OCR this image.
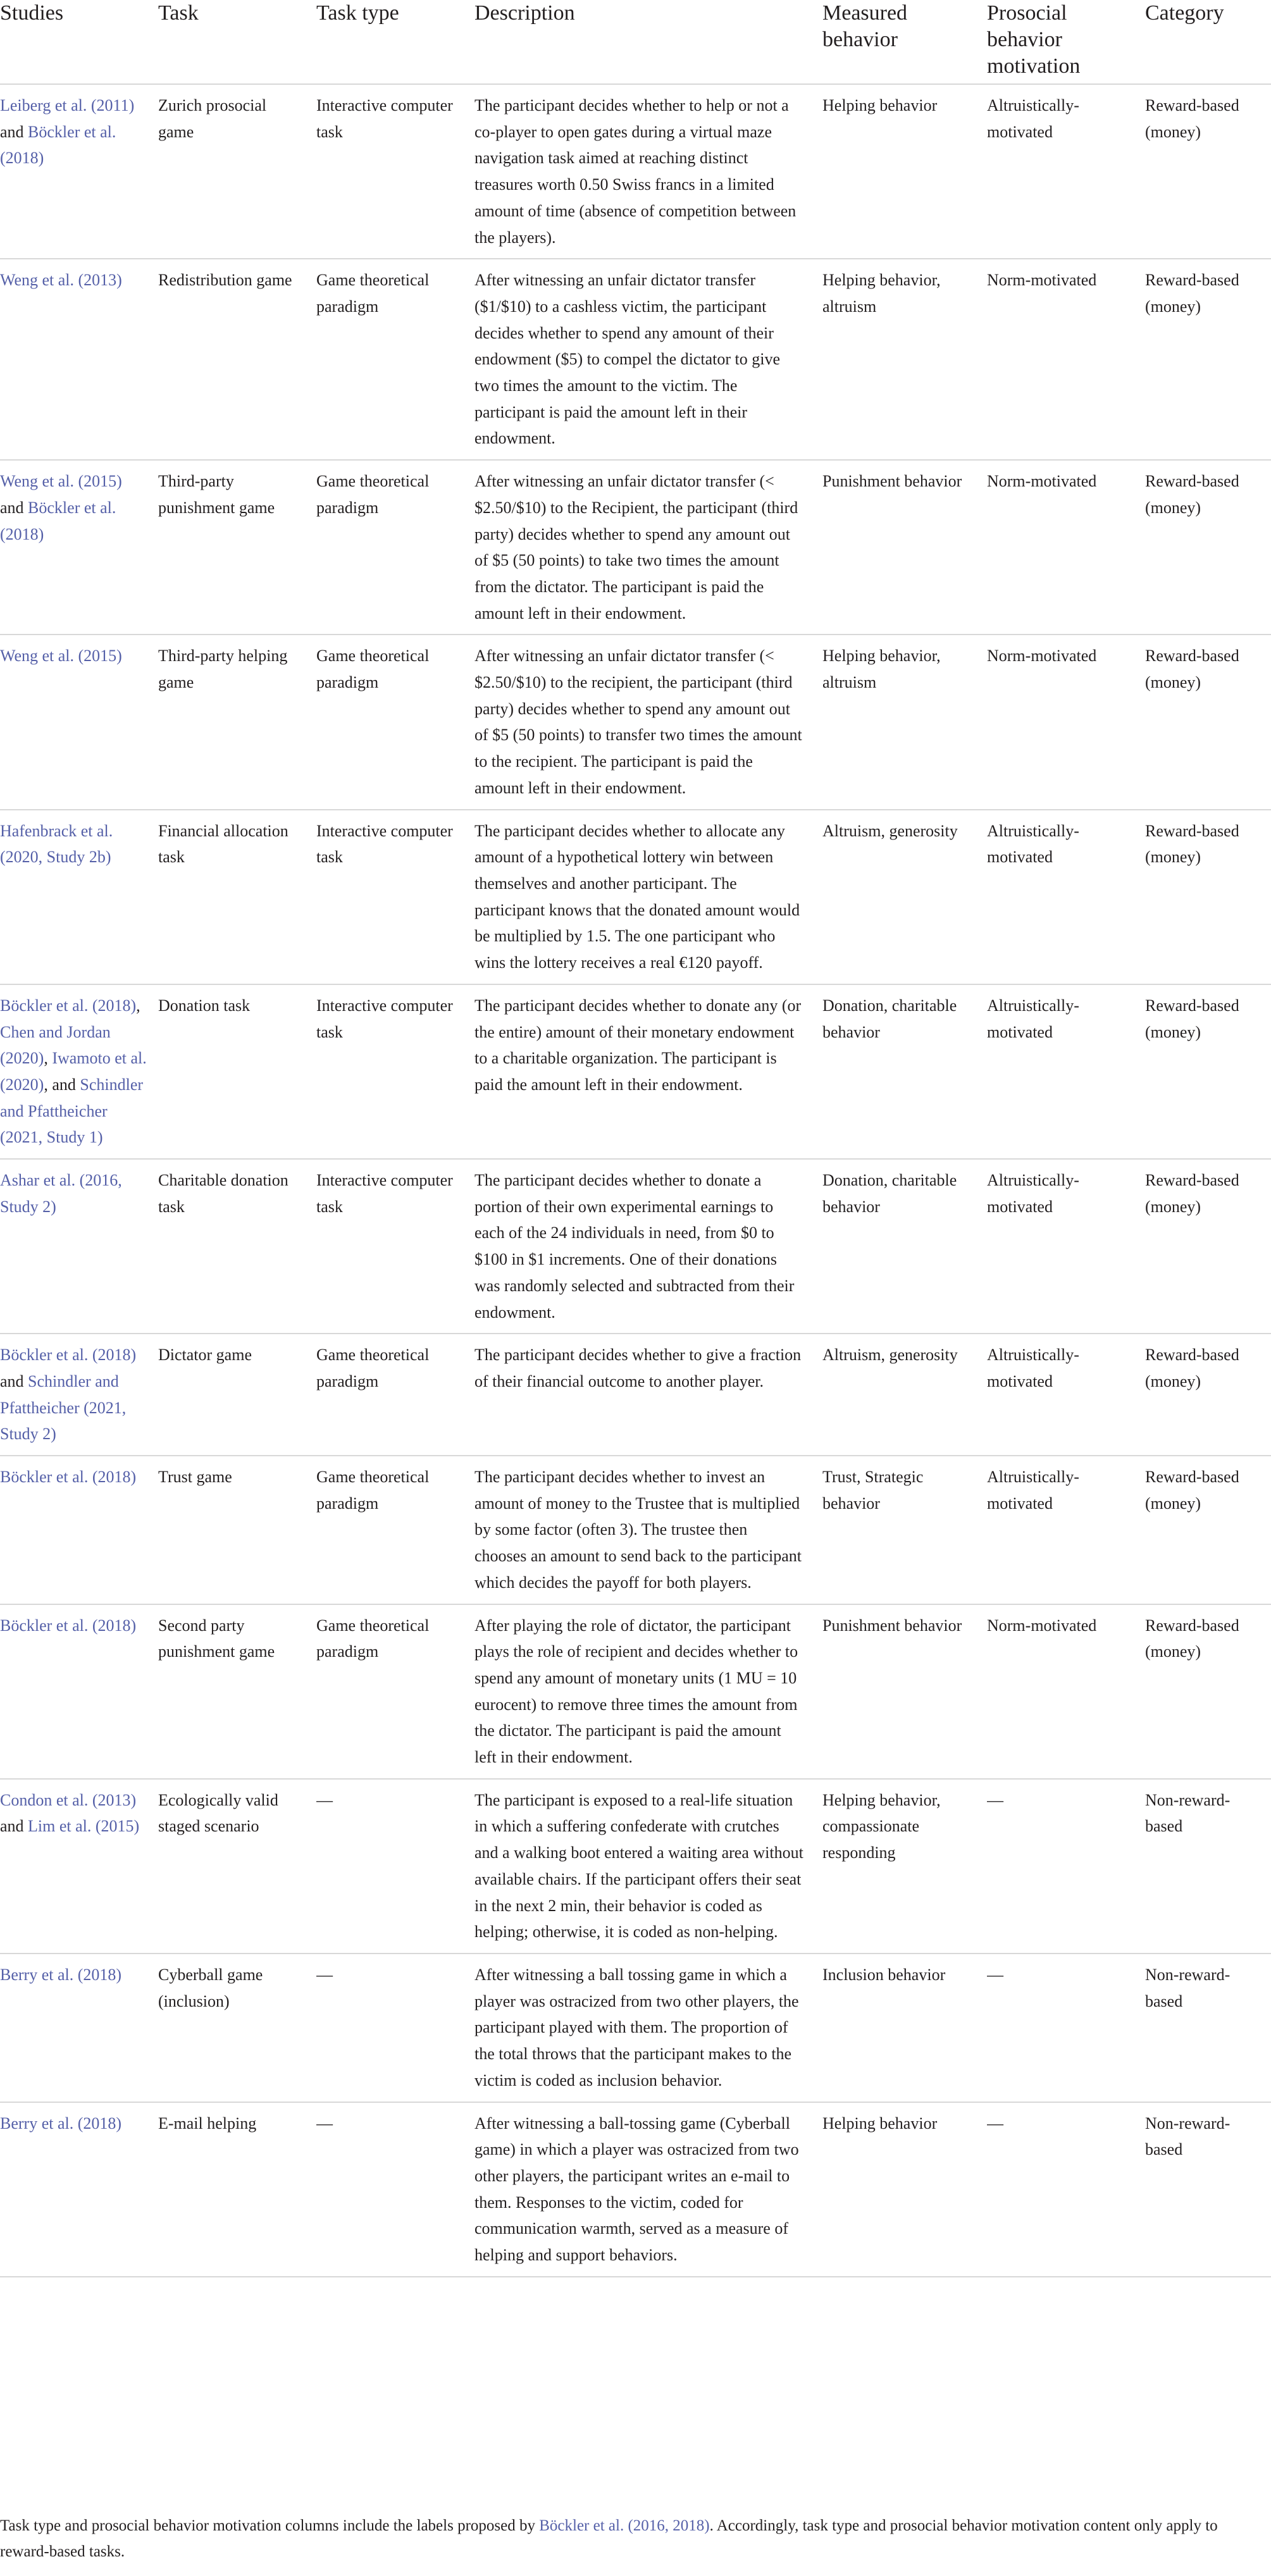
Studies	Task	Task type	Description	Measured behavior	Prosocial behavior motivation	Category
Leiberg et al. (2011) and Böckler et al. (2018)	Zurich prosocial game	Interactive computer task	The participant decides whether to help or not a co-player to open gates during a virtual maze navigation task aimed at reaching distinct treasures worth 0.50 Swiss francs in a limited amount of time (absence of competition between the players).	Helping behavior	Altruistically-motivated	Reward-based (money)
Weng et al. (2013)	Redistribution game	Game theoretical paradigm	After witnessing an unfair dictator transfer ($1/$10) to a cashless victim, the participant decides whether to spend any amount of their endowment ($5) to compel the dictator to give two times the amount to the victim. The participant is paid the amount left in their endowment.	Helping behavior, altruism	Norm-motivated	Reward-based (money)
Weng et al. (2015) and Böckler et al. (2018)	Third-party punishment game	Game theoretical paradigm	After witnessing an unfair dictator transfer (< $2.50/$10) to the Recipient, the participant (third party) decides whether to spend any amount out of $5 (50 points) to take two times the amount from the dictator. The participant is paid the amount left in their endowment.	Punishment behavior	Norm-motivated	Reward-based (money)
Weng et al. (2015)	Third-party helping game	Game theoretical paradigm	After witnessing an unfair dictator transfer (< $2.50/$10) to the recipient, the participant (third party) decides whether to spend any amount out of $5 (50 points) to transfer two times the amount to the recipient. The participant is paid the amount left in their endowment.	Helping behavior, altruism	Norm-motivated	Reward-based (money)
Hafenbrack et al. (2020, Study 2b)	Financial allocation task	Interactive computer task	The participant decides whether to allocate any amount of a hypothetical lottery win between themselves and another participant. The participant knows that the donated amount would be multiplied by 1.5. The one participant who wins the lottery receives a real €120 payoff.	Altruism, generosity	Altruistically-motivated	Reward-based (money)
Böckler et al. (2018), Chen and Jordan (2020), Iwamoto et al. (2020), and Schindler and Pfattheicher (2021, Study 1)	Donation task	Interactive computer task	The participant decides whether to donate any (or the entire) amount of their monetary endowment to a charitable organization. The participant is paid the amount left in their endowment.	Donation, charitable behavior	Altruistically-motivated	Reward-based (money)
Ashar et al. (2016, Study 2)	Charitable donation task	Interactive computer task	The participant decides whether to donate a portion of their own experimental earnings to each of the 24 individuals in need, from $0 to $100 in $1 increments. One of their donations was randomly selected and subtracted from their endowment.	Donation, charitable behavior	Altruistically-motivated	Reward-based (money)
Böckler et al. (2018) and Schindler and Pfattheicher (2021, Study 2)	Dictator game	Game theoretical paradigm	The participant decides whether to give a fraction of their financial outcome to another player.	Altruism, generosity	Altruistically-motivated	Reward-based (money)
Böckler et al. (2018)	Trust game	Game theoretical paradigm	The participant decides whether to invest an amount of money to the Trustee that is multiplied by some factor (often 3). The trustee then chooses an amount to send back to the participant which decides the payoff for both players.	Trust, Strategic behavior	Altruistically-motivated	Reward-based (money)
Böckler et al. (2018)	Second party punishment game	Game theoretical paradigm	After playing the role of dictator, the participant plays the role of recipient and decides whether to spend any amount of monetary units (1 MU = 10 eurocent) to remove three times the amount from the dictator. The participant is paid the amount left in their endowment.	Punishment behavior	Norm-motivated	Reward-based (money)
Condon et al. (2013) and Lim et al. (2015)	Ecologically valid staged scenario	—	The participant is exposed to a real-life situation in which a suffering confederate with crutches and a walking boot entered a waiting area without available chairs. If the participant offers their seat in the next 2 min, their behavior is coded as helping; otherwise, it is coded as non-helping.	Helping behavior, compassionate responding	—	Non-reward-based
Berry et al. (2018)	Cyberball game (inclusion)	—	After witnessing a ball tossing game in which a player was ostracized from two other players, the participant played with them. The proportion of the total throws that the participant makes to the victim is coded as inclusion behavior.	Inclusion behavior	—	Non-reward-based
Berry et al. (2018)	E-mail helping	—	After witnessing a ball-tossing game (Cyberball game) in which a player was ostracized from two other players, the participant writes an e-mail to them. Responses to the victim, coded for communication warmth, served as a measure of helping and support behaviors.	Helping behavior	—	Non-reward-based
Task type and prosocial behavior motivation columns include the labels proposed by Böckler et al. (2016, 2018). Accordingly, task type and prosocial behavior motivation content only apply to reward-based tasks.
